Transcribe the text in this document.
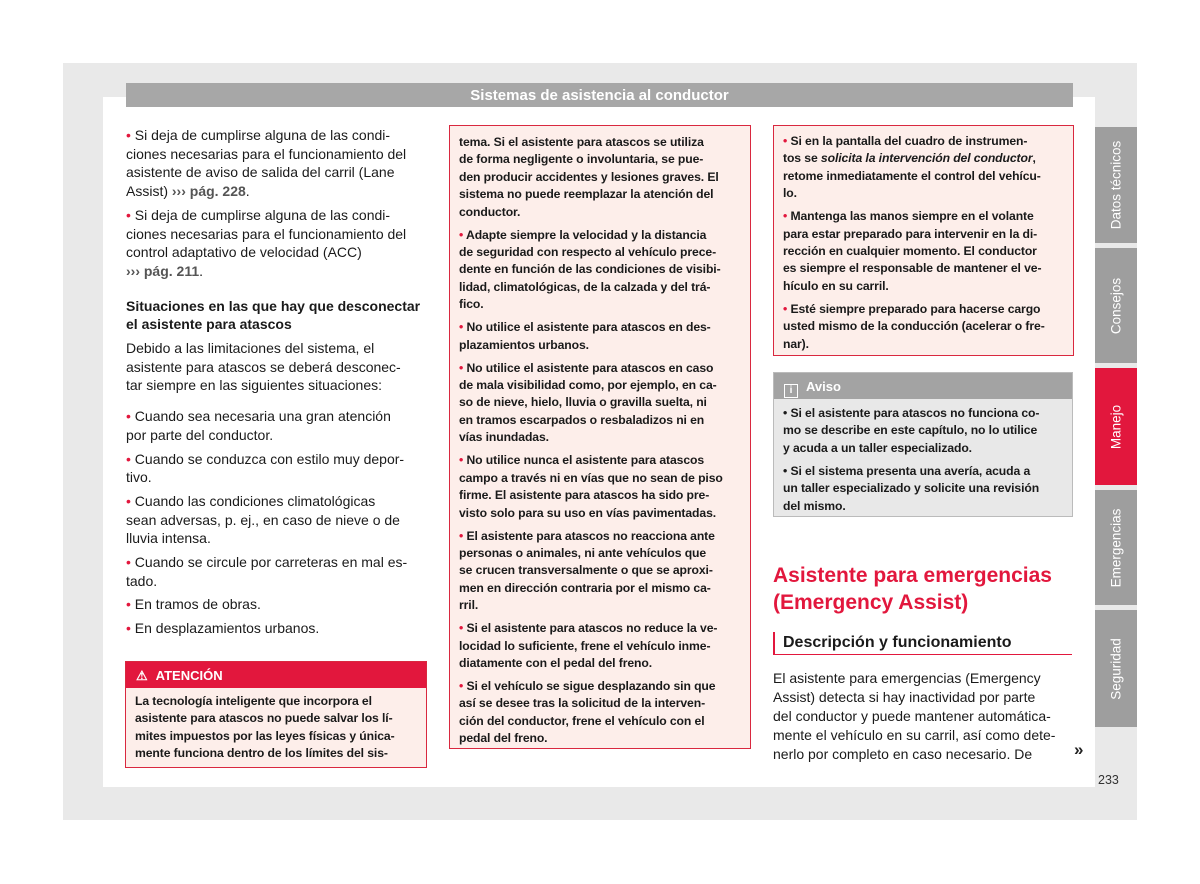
Sistemas de asistencia al conductor
Datos técnicos
Consejos
Manejo
Emergencias
Seguridad
• Si deja de cumplirse alguna de las condi-
ciones necesarias para el funcionamiento del
asistente de aviso de salida del carril (Lane
Assist) ››› pág. 228.
• Si deja de cumplirse alguna de las condi-
ciones necesarias para el funcionamiento del
control adaptativo de velocidad (ACC)
››› pág. 211.
Situaciones en las que hay que desconectar
el asistente para atascos
Debido a las limitaciones del sistema, el
asistente para atascos se deberá desconec-
tar siempre en las siguientes situaciones:
• Cuando sea necesaria una gran atención
por parte del conductor.
• Cuando se conduzca con estilo muy depor-
tivo.
• Cuando las condiciones climatológicas
sean adversas, p. ej., en caso de nieve o de
lluvia intensa.
• Cuando se circule por carreteras en mal es-
tado.
• En tramos de obras.
• En desplazamientos urbanos.
⚠ ATENCIÓN
La tecnología inteligente que incorpora el
asistente para atascos no puede salvar los lí-
mites impuestos por las leyes físicas y única-
mente funciona dentro de los límites del sis-
tema. Si el asistente para atascos se utiliza
de forma negligente o involuntaria, se pue-
den producir accidentes y lesiones graves. El
sistema no puede reemplazar la atención del
conductor.
• Adapte siempre la velocidad y la distancia
de seguridad con respecto al vehículo prece-
dente en función de las condiciones de visibi-
lidad, climatológicas, de la calzada y del trá-
fico.
• No utilice el asistente para atascos en des-
plazamientos urbanos.
• No utilice el asistente para atascos en caso
de mala visibilidad como, por ejemplo, en ca-
so de nieve, hielo, lluvia o gravilla suelta, ni
en tramos escarpados o resbaladizos ni en
vías inundadas.
• No utilice nunca el asistente para atascos
campo a través ni en vías que no sean de piso
firme. El asistente para atascos ha sido pre-
visto solo para su uso en vías pavimentadas.
• El asistente para atascos no reacciona ante
personas o animales, ni ante vehículos que
se crucen transversalmente o que se aproxi-
men en dirección contraria por el mismo ca-
rril.
• Si el asistente para atascos no reduce la ve-
locidad lo suficiente, frene el vehículo inme-
diatamente con el pedal del freno.
• Si el vehículo se sigue desplazando sin que
así se desee tras la solicitud de la interven-
ción del conductor, frene el vehículo con el
pedal del freno.
• Si en la pantalla del cuadro de instrumen-
tos se solicita la intervención del conductor,
retome inmediatamente el control del vehícu-
lo.
• Mantenga las manos siempre en el volante
para estar preparado para intervenir en la di-
rección en cualquier momento. El conductor
es siempre el responsable de mantener el ve-
hículo en su carril.
• Esté siempre preparado para hacerse cargo
usted mismo de la conducción (acelerar o fre-
nar).
i Aviso
• Si el asistente para atascos no funciona co-
mo se describe en este capítulo, no lo utilice
y acuda a un taller especializado.
• Si el sistema presenta una avería, acuda a
un taller especializado y solicite una revisión
del mismo.
Asistente para emergencias
(Emergency Assist)
Descripción y funcionamiento
El asistente para emergencias (Emergency
Assist) detecta si hay inactividad por parte
del conductor y puede mantener automática-
mente el vehículo en su carril, así como dete-
nerlo por completo en caso necesario. De	»
233
